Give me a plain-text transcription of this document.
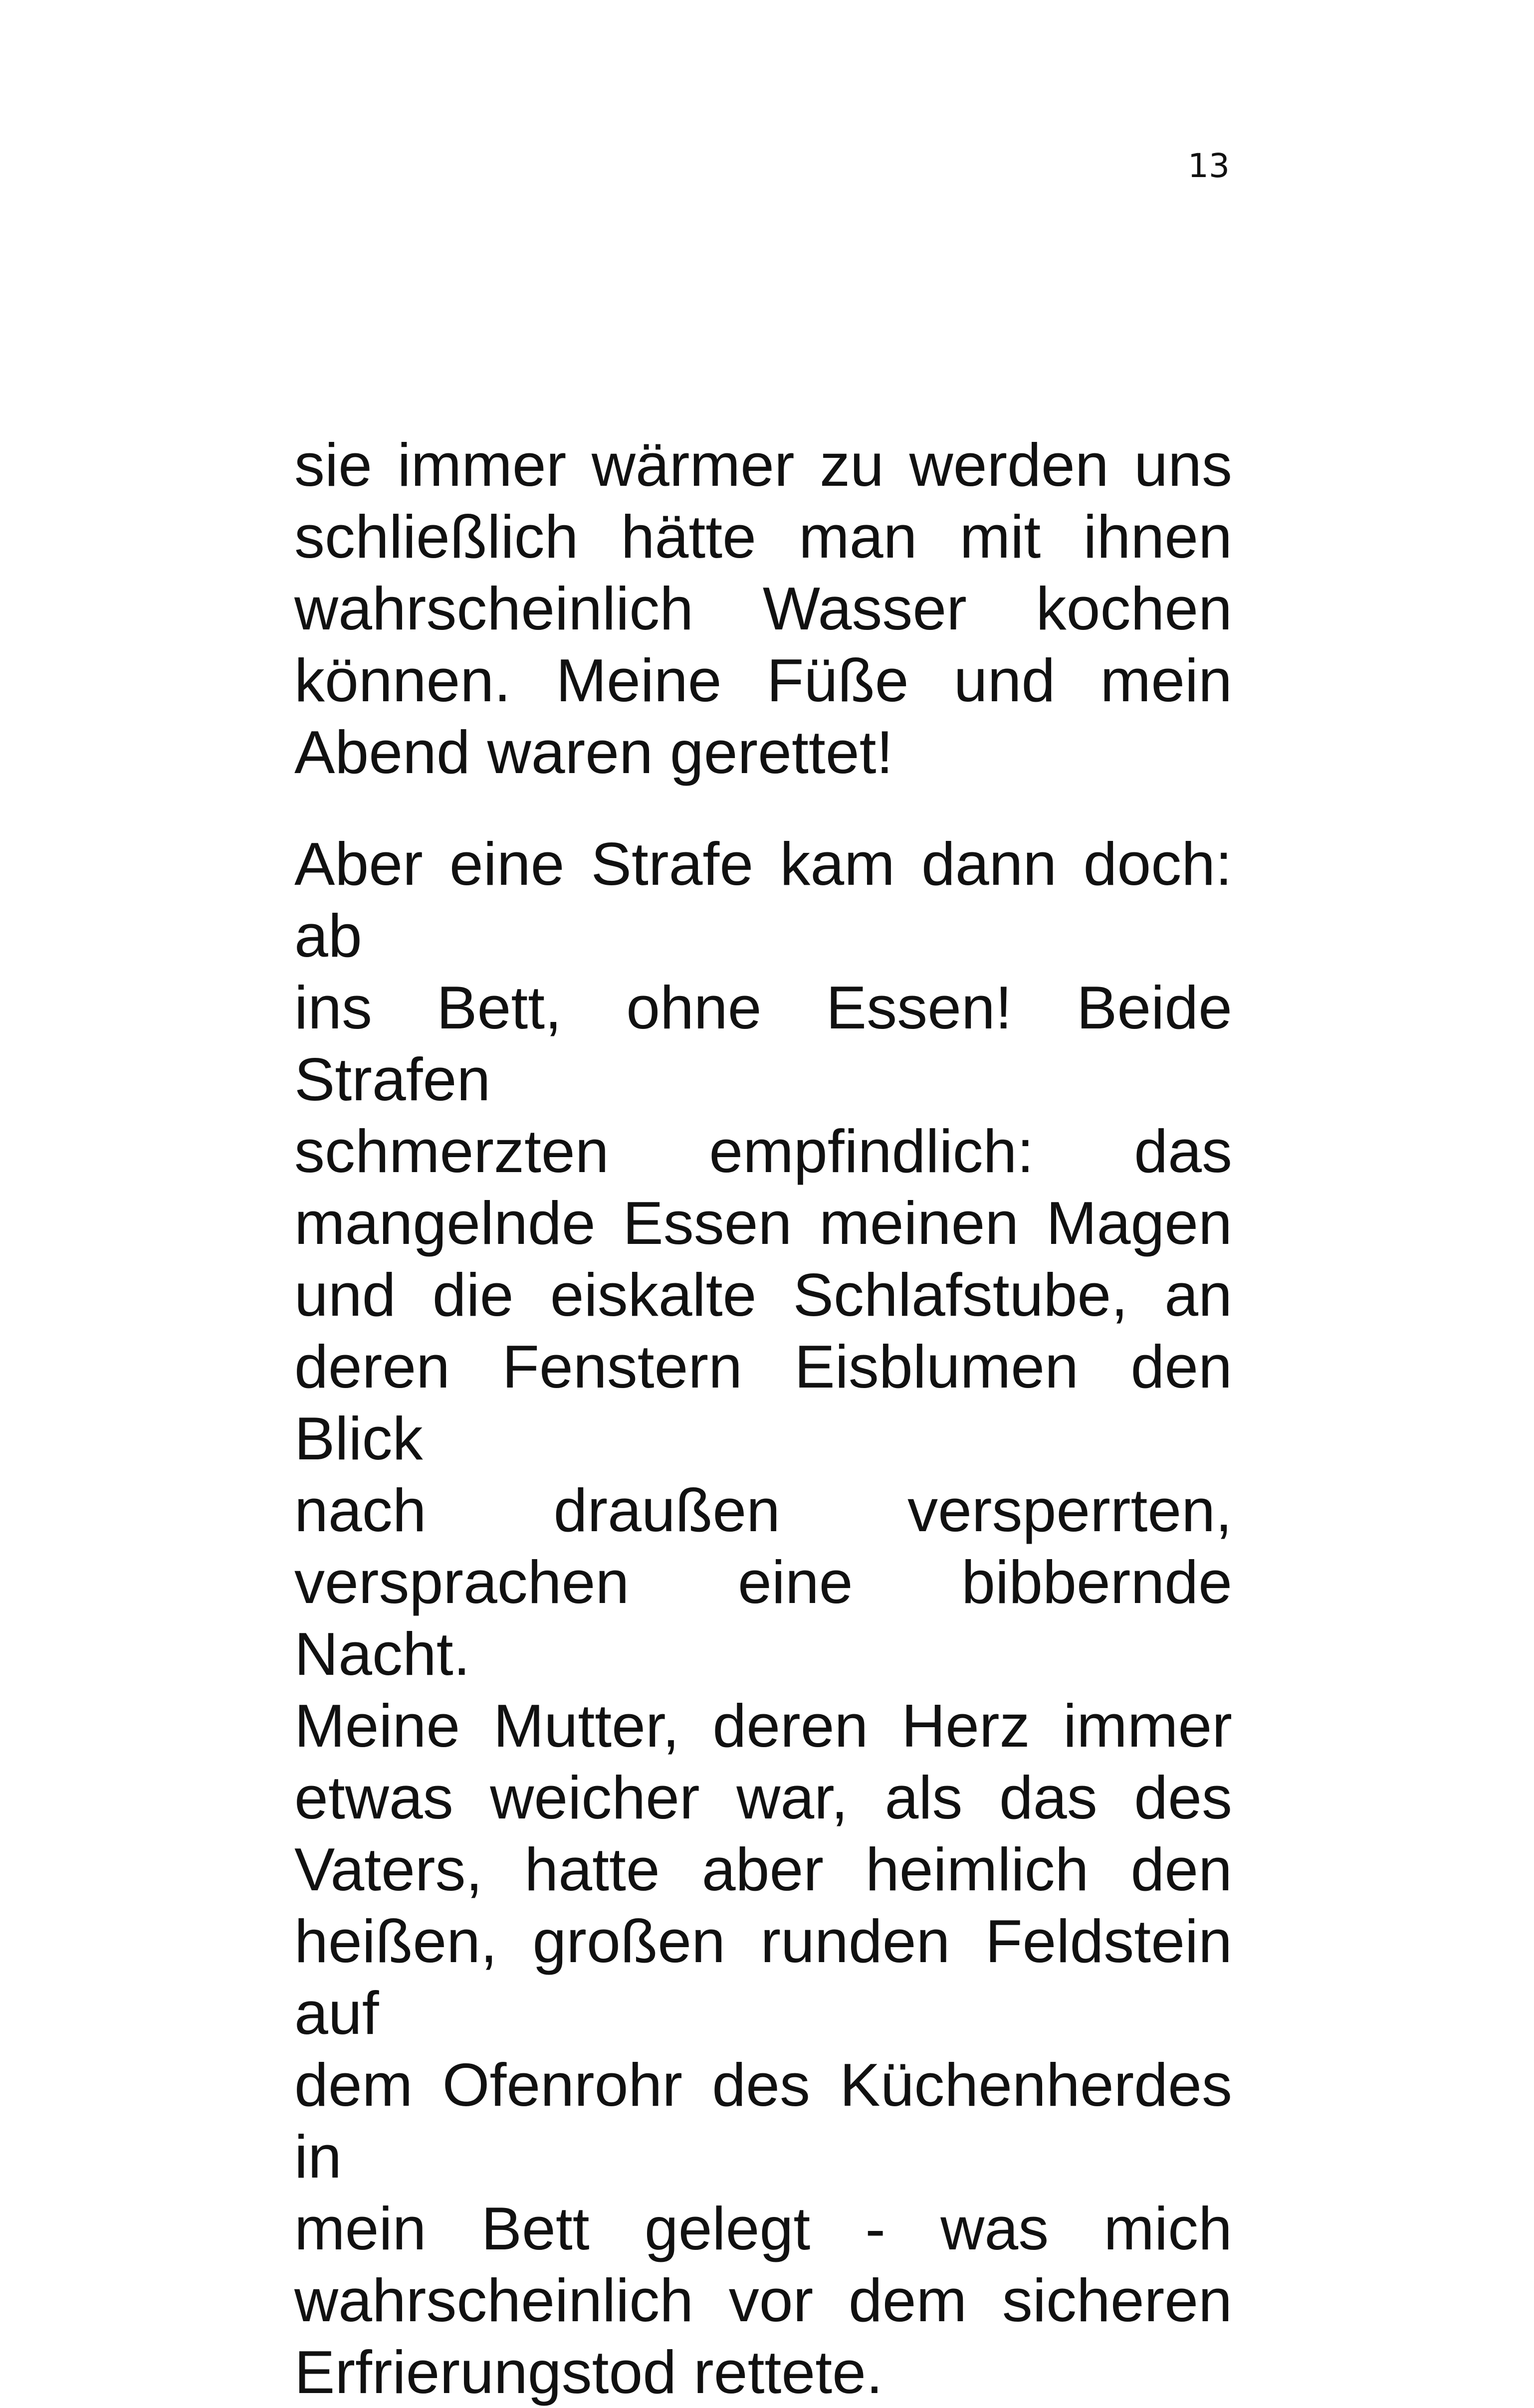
13
sie immer wärmer zu werden uns
schließlich hätte man mit ihnen
wahrscheinlich Wasser kochen
können. Meine Füße und mein
Abend waren gerettet!
Aber eine Strafe kam dann doch: ab
ins Bett, ohne Essen! Beide Strafen
schmerzten empfindlich: das
mangelnde Essen meinen Magen
und die eiskalte Schlafstube, an
deren Fenstern Eisblumen den Blick
nach draußen versperrten,
versprachen eine bibbernde Nacht.
Meine Mutter, deren Herz immer
etwas weicher war, als das des
Vaters, hatte aber heimlich den
heißen, großen runden Feldstein auf
dem Ofenrohr des Küchenherdes in
mein Bett gelegt - was mich
wahrscheinlich vor dem sicheren
Erfrierungstod rettete.
